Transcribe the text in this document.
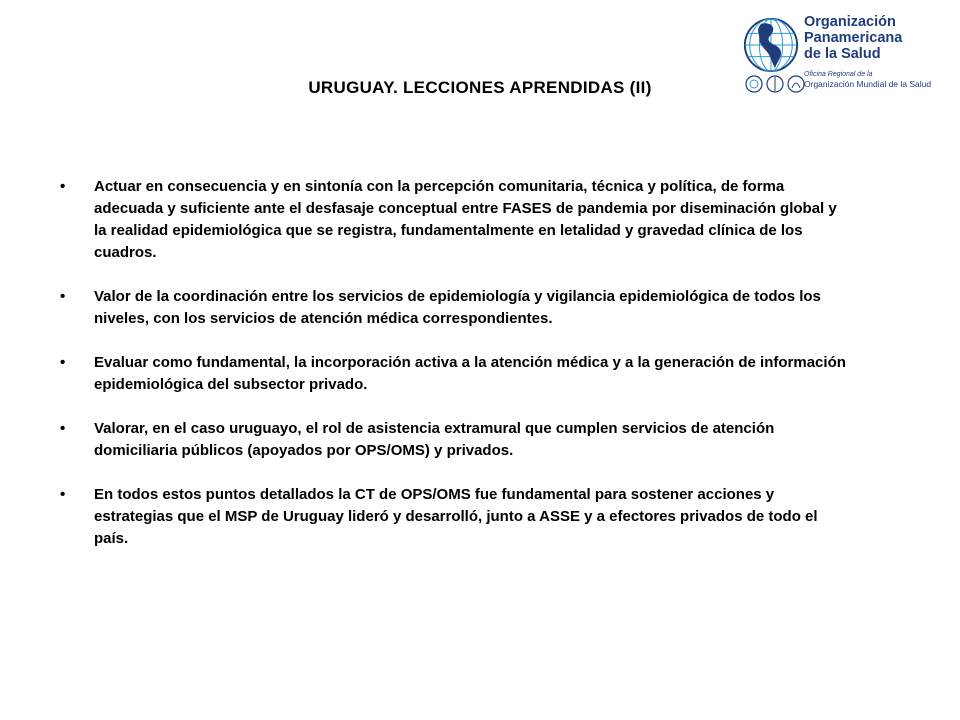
URUGUAY. LECCIONES APRENDIDAS (II)
Organización
Panamericana
de la Salud
Oficina Regional de la
Organización Mundial de la Salud
• Actuar en consecuencia y en sintonía con la percepción comunitaria, técnica y política, de forma adecuada y suficiente ante el desfasaje conceptual entre FASES de pandemia por diseminación global y la realidad epidemiológica que se registra, fundamentalmente en letalidad y gravedad clínica de los cuadros.
• Valor de la coordinación entre los servicios de epidemiología y vigilancia epidemiológica de todos los niveles, con los servicios de atención médica correspondientes.
• Evaluar como fundamental, la incorporación activa a la atención médica y a la generación de información epidemiológica del subsector privado.
• Valorar, en el caso uruguayo, el rol de asistencia extramural que cumplen servicios de atención domiciliaria públicos (apoyados por OPS/OMS) y privados.
• En todos estos puntos detallados la CT de OPS/OMS fue fundamental para sostener acciones y estrategias que el MSP de Uruguay lideró y desarrolló, junto a ASSE y a efectores privados de todo el país.
